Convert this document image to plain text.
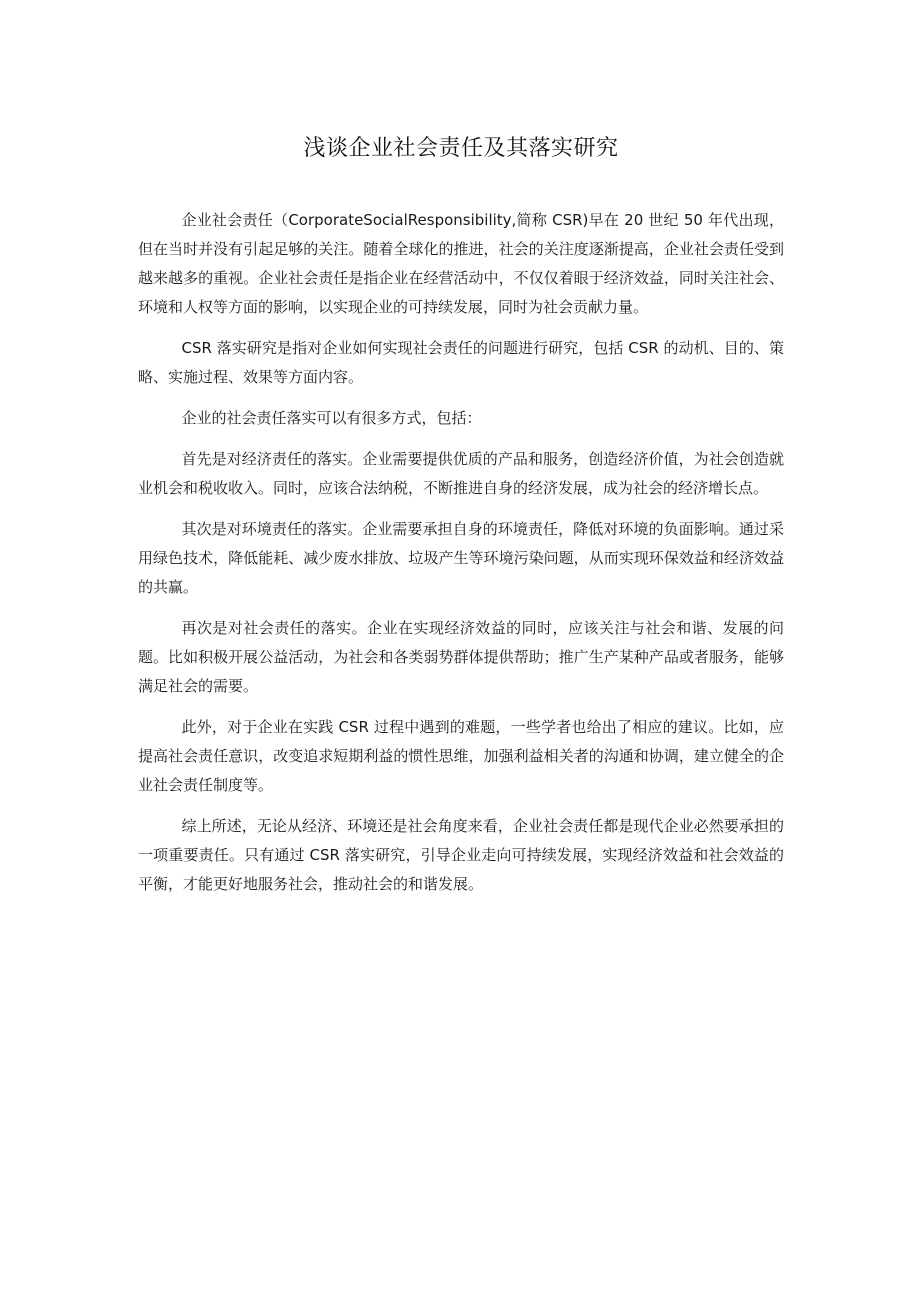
浅谈企业社会责任及其落实研究

企业社会责任（CorporateSocialResponsibility,简称 CSR)早在 20 世纪 50 年代出现，但在当时并没有引起足够的关注。随着全球化的推进，社会的关注度逐渐提高，企业社会责任受到越来越多的重视。企业社会责任是指企业在经营活动中，不仅仅着眼于经济效益，同时关注社会、环境和人权等方面的影响，以实现企业的可持续发展，同时为社会贡献力量。

CSR 落实研究是指对企业如何实现社会责任的问题进行研究，包括 CSR 的动机、目的、策略、实施过程、效果等方面内容。

企业的社会责任落实可以有很多方式，包括：

首先是对经济责任的落实。企业需要提供优质的产品和服务，创造经济价值，为社会创造就业机会和税收收入。同时，应该合法纳税，不断推进自身的经济发展，成为社会的经济增长点。

其次是对环境责任的落实。企业需要承担自身的环境责任，降低对环境的负面影响。通过采用绿色技术，降低能耗、减少废水排放、垃圾产生等环境污染问题，从而实现环保效益和经济效益的共赢。

再次是对社会责任的落实。企业在实现经济效益的同时，应该关注与社会和谐、发展的问题。比如积极开展公益活动，为社会和各类弱势群体提供帮助；推广生产某种产品或者服务，能够满足社会的需要。

此外，对于企业在实践 CSR 过程中遇到的难题，一些学者也给出了相应的建议。比如，应提高社会责任意识，改变追求短期利益的惯性思维，加强利益相关者的沟通和协调，建立健全的企业社会责任制度等。

综上所述，无论从经济、环境还是社会角度来看，企业社会责任都是现代企业必然要承担的一项重要责任。只有通过 CSR 落实研究，引导企业走向可持续发展，实现经济效益和社会效益的平衡，才能更好地服务社会，推动社会的和谐发展。
